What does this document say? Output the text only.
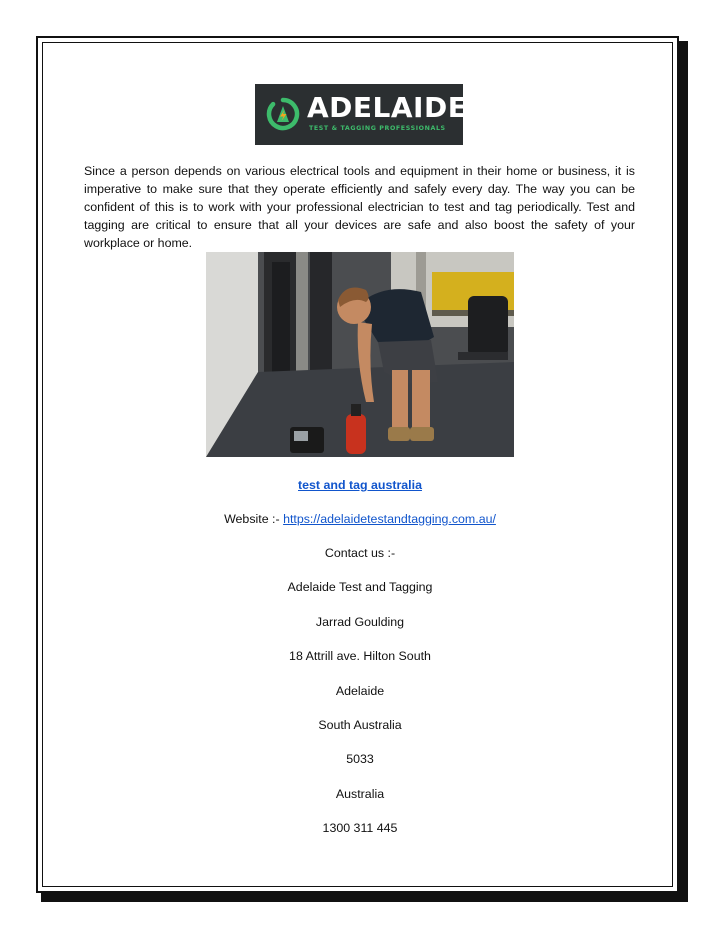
ADELAIDE
TEST & TAGGING PROFESSIONALS

Since a person depends on various electrical tools and equipment in their home or business, it is imperative to make sure that they operate efficiently and safely every day. The way you can be confident of this is to work with your professional electrician to test and tag periodically. Test and tagging are critical to ensure that all your devices are safe and also boost the safety of your workplace or home.

test and tag australia
Website :- https://adelaidetestandtagging.com.au/
Contact us :-
Adelaide Test and Tagging
Jarrad Goulding
18 Attrill ave. Hilton South
Adelaide
South Australia
5033
Australia
1300 311 445
